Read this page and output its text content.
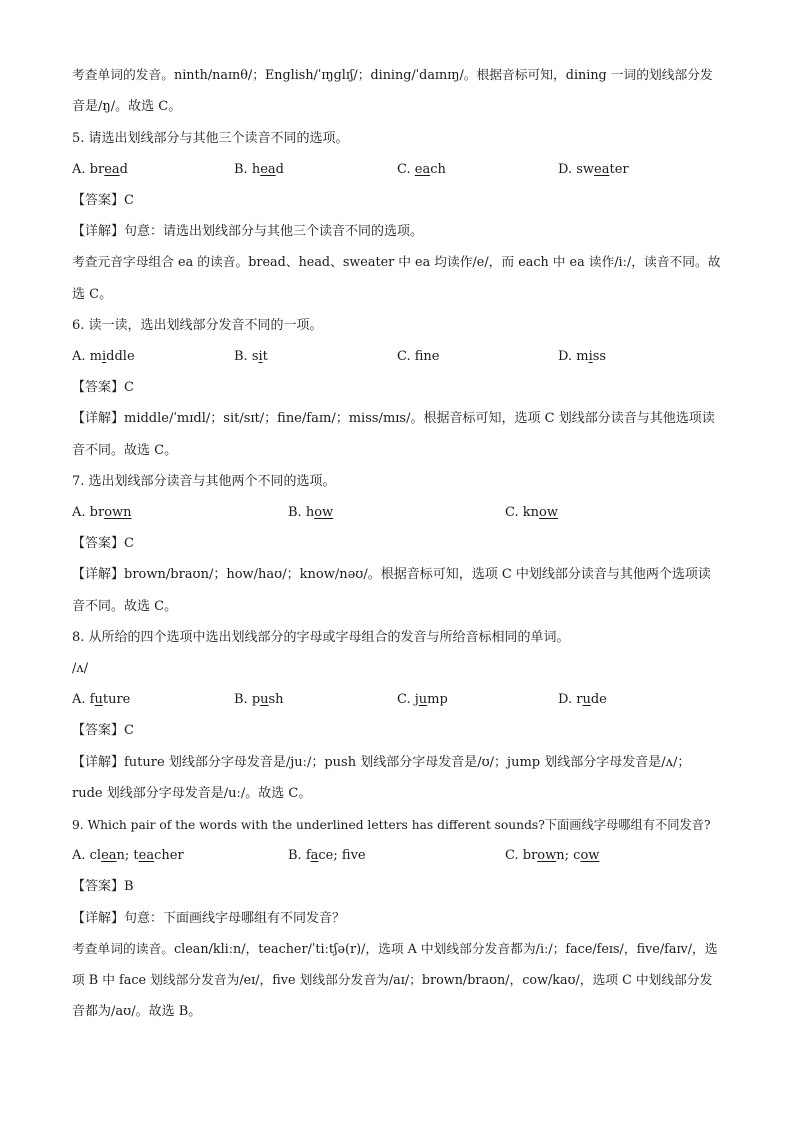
考查单词的发音。ninth/naɪnθ/；English/ˈɪŋɡlɪʃ/；dining/ˈdaɪnɪŋ/。根据音标可知，dining 一词的划线部分发
音是/ŋ/。故选 C。
5. 请选出划线部分与其他三个读音不同的选项。
A. bread	B. head	C. each	D. sweater
【答案】C
【详解】句意：请选出划线部分与其他三个读音不同的选项。
考查元音字母组合 ea 的读音。bread、head、sweater 中 ea 均读作/e/，而 each 中 ea 读作/iː/，读音不同。故
选 C。
6. 读一读，选出划线部分发音不同的一项。
A. middle	B. sit	C. fne	D. miss
【答案】C
【详解】middle/ˈmɪdl/；sit/sɪt/；fine/faɪn/；miss/mɪs/。根据音标可知，选项 C 划线部分读音与其他选项读
音不同。故选 C。
7. 选出划线部分读音与其他两个不同的选项。
A. brown	B. how	C. know
【答案】C
【详解】brown/braʊn/；how/haʊ/；know/nəʊ/。根据音标可知，选项 C 中划线部分读音与其他两个选项读
音不同。故选 C。
8. 从所给的四个选项中选出划线部分的字母或字母组合的发音与所给音标相同的单词。
/ʌ/
A. future	B. push	C. jump	D. rude
【答案】C
【详解】future 划线部分字母发音是/juː/；push 划线部分字母发音是/ʊ/；jump 划线部分字母发音是/ʌ/；
rude 划线部分字母发音是/uː/。故选 C。
9. Which pair of the words with the underlined letters has different sounds?下面画线字母哪组有不同发音?
A. clean; teacher	B. face; fve	C. brown; cow
【答案】B
【详解】句意：下面画线字母哪组有不同发音？
考查单词的读音。clean/kliːn/，teacher/ˈtiːtʃə(r)/，选项 A 中划线部分发音都为/iː/；face/feɪs/，five/faɪv/，选
项 B 中 face 划线部分发音为/eɪ/，five 划线部分发音为/aɪ/；brown/braʊn/，cow/kaʊ/，选项 C 中划线部分发
音都为/aʊ/。故选 B。
